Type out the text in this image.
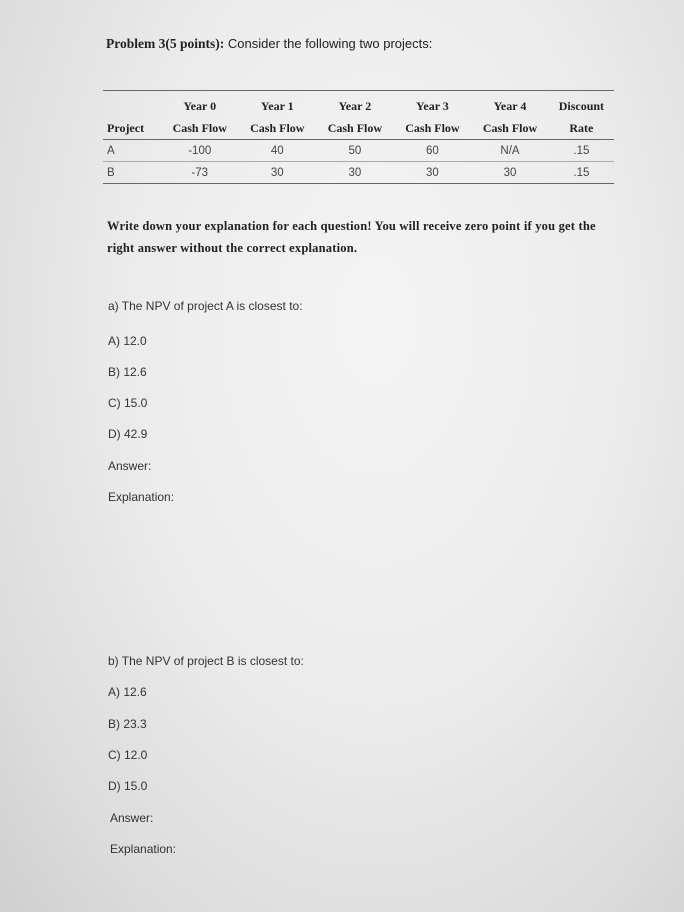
Problem 3(5 points): Consider the following two projects:
	Year 0	Year 1	Year 2	Year 3	Year 4	Discount
Project	Cash Flow	Cash Flow	Cash Flow	Cash Flow	Cash Flow	Rate
A	-100	40	50	60	N/A	.15
B	-73	30	30	30	30	.15
Write down your explanation for each question! You will receive zero point if you get the right answer without the correct explanation.
a) The NPV of project A is closest to:
A) 12.0
B) 12.6
C) 15.0
D) 42.9
Answer:
Explanation:
b) The NPV of project B is closest to:
A) 12.6
B) 23.3
C) 12.0
D) 15.0
Answer:
Explanation:
